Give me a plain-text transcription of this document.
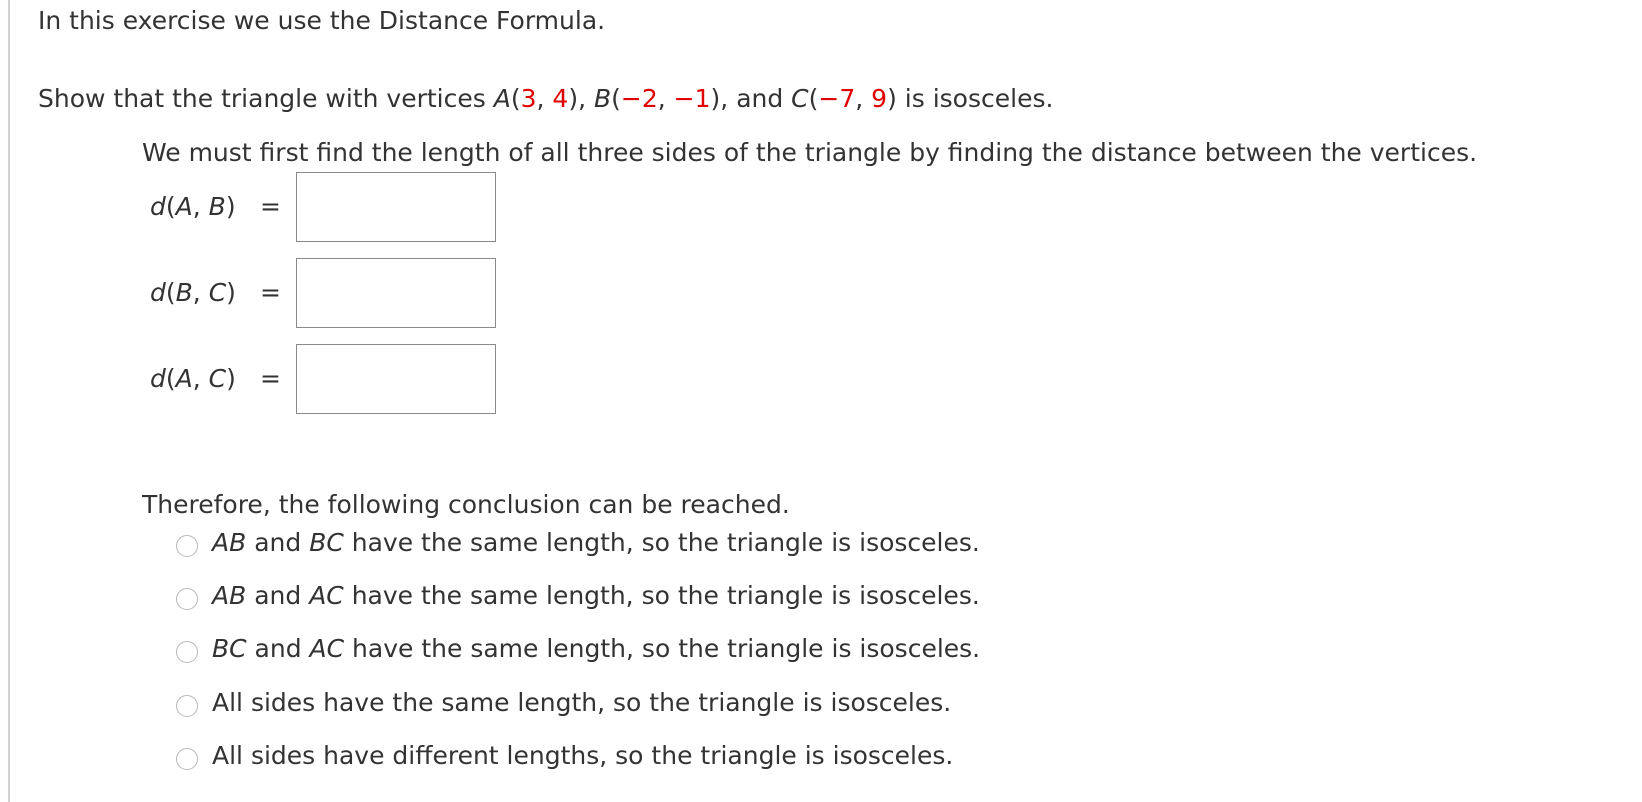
In this exercise we use the Distance Formula.
Show that the triangle with vertices A(3, 4), B(−2, −1), and C(−7, 9) is isosceles.
We must first find the length of all three sides of the triangle by finding the distance between the vertices.
d(A, B) =
d(B, C) =
d(A, C) =
Therefore, the following conclusion can be reached.
AB and BC have the same length, so the triangle is isosceles.
AB and AC have the same length, so the triangle is isosceles.
BC and AC have the same length, so the triangle is isosceles.
All sides have the same length, so the triangle is isosceles.
All sides have different lengths, so the triangle is isosceles.
